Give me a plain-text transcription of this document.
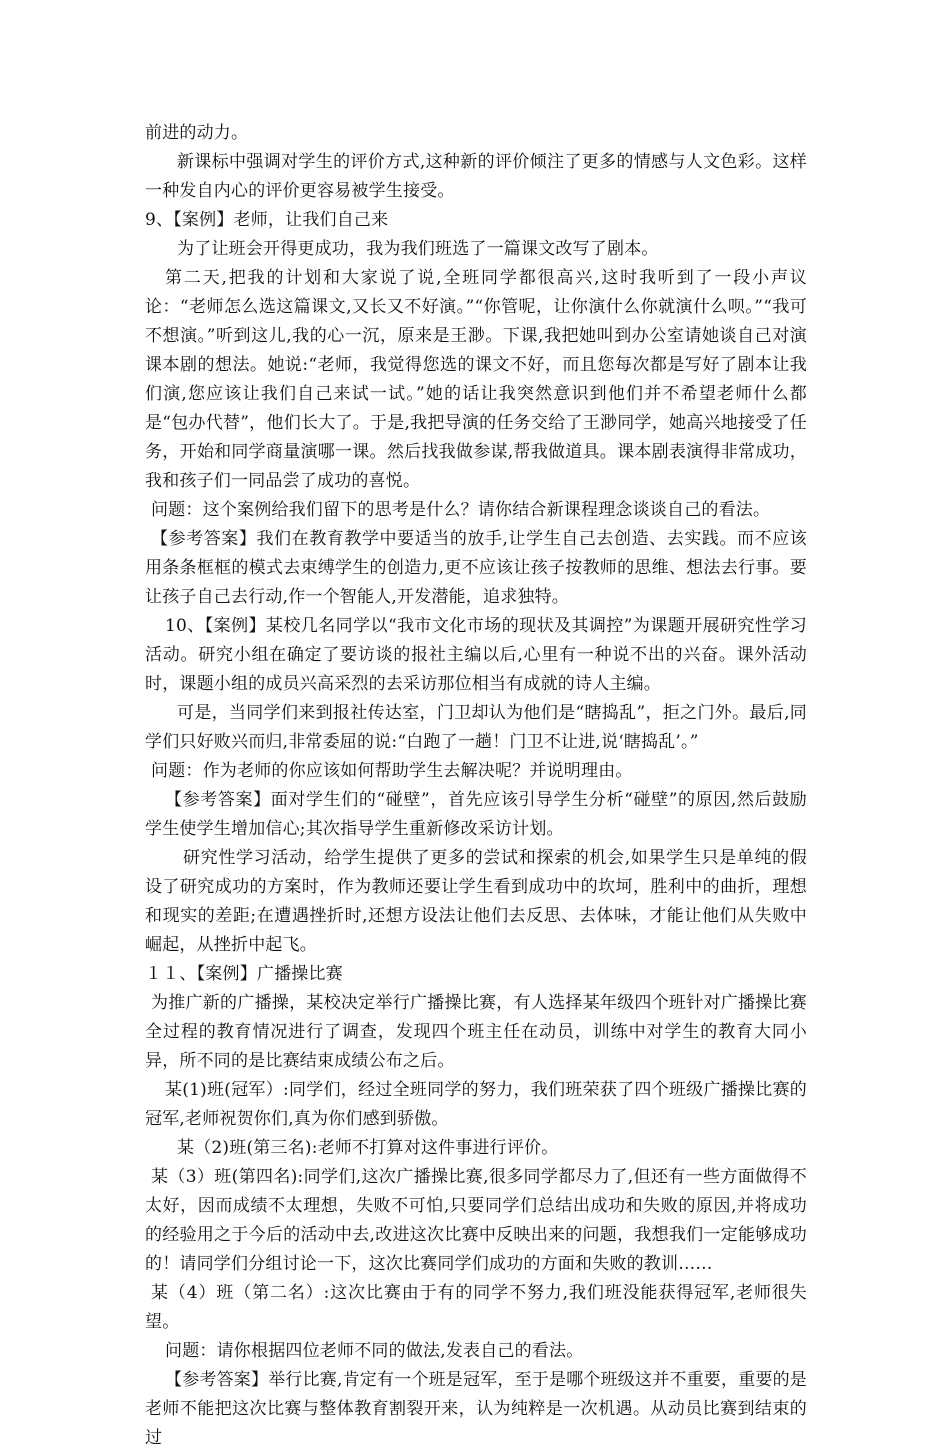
前进的动力。

新课标中强调对学生的评价方式,这种新的评价倾注了更多的情感与人文色彩。这样一种发自内心的评价更容易被学生接受。

9、【案例】老师，让我们自己来

为了让班会开得更成功，我为我们班选了一篇课文改写了剧本。

第二天,把我的计划和大家说了说,全班同学都很高兴,这时我听到了一段小声议论：“老师怎么选这篇课文,又长又不好演。”“你管呢，让你演什么你就演什么呗。”“我可不想演。”听到这儿,我的心一沉，原来是王渺。下课,我把她叫到办公室请她谈自己对演课本剧的想法。她说:“老师，我觉得您选的课文不好，而且您每次都是写好了剧本让我们演,您应该让我们自己来试一试。”她的话让我突然意识到他们并不希望老师什么都是“包办代替”，他们长大了。于是,我把导演的任务交给了王渺同学，她高兴地接受了任务，开始和同学商量演哪一课。然后找我做参谋,帮我做道具。课本剧表演得非常成功，我和孩子们一同品尝了成功的喜悦。

问题：这个案例给我们留下的思考是什么？请你结合新课程理念谈谈自己的看法。

【参考答案】我们在教育教学中要适当的放手,让学生自己去创造、去实践。而不应该用条条框框的模式去束缚学生的创造力,更不应该让孩子按教师的思维、想法去行事。要让孩子自己去行动,作一个智能人,开发潜能，追求独特。

10、【案例】某校几名同学以“我市文化市场的现状及其调控”为课题开展研究性学习活动。研究小组在确定了要访谈的报社主编以后,心里有一种说不出的兴奋。课外活动时，课题小组的成员兴高采烈的去采访那位相当有成就的诗人主编。

可是，当同学们来到报社传达室，门卫却认为他们是“瞎捣乱”，拒之门外。最后,同学们只好败兴而归,非常委屈的说:“白跑了一趟！门卫不让进,说‘瞎捣乱’。”

问题：作为老师的你应该如何帮助学生去解决呢？并说明理由。

【参考答案】面对学生们的“碰壁”，首先应该引导学生分析“碰壁”的原因,然后鼓励学生使学生增加信心;其次指导学生重新修改采访计划。

研究性学习活动，给学生提供了更多的尝试和探索的机会,如果学生只是单纯的假设了研究成功的方案时，作为教师还要让学生看到成功中的坎坷，胜利中的曲折，理想和现实的差距;在遭遇挫折时,还想方设法让他们去反思、去体味，才能让他们从失败中崛起，从挫折中起飞。

１１、【案例】广播操比赛

为推广新的广播操，某校决定举行广播操比赛，有人选择某年级四个班针对广播操比赛全过程的教育情况进行了调查，发现四个班主任在动员，训练中对学生的教育大同小异，所不同的是比赛结束成绩公布之后。

某(1)班(冠军）:同学们，经过全班同学的努力，我们班荣获了四个班级广播操比赛的冠军,老师祝贺你们,真为你们感到骄傲。

某（2)班(第三名):老师不打算对这件事进行评价。

某（3）班(第四名):同学们,这次广播操比赛,很多同学都尽力了,但还有一些方面做得不太好，因而成绩不太理想，失败不可怕,只要同学们总结出成功和失败的原因,并将成功的经验用之于今后的活动中去,改进这次比赛中反映出来的问题，我想我们一定能够成功的！请同学们分组讨论一下，这次比赛同学们成功的方面和失败的教训……

某（4）班（第二名）:这次比赛由于有的同学不努力,我们班没能获得冠军,老师很失望。

问题：请你根据四位老师不同的做法,发表自己的看法。

【参考答案】举行比赛,肯定有一个班是冠军，至于是哪个班级这并不重要，重要的是老师不能把这次比赛与整体教育割裂开来，认为纯粹是一次机遇。从动员比赛到结束的过
